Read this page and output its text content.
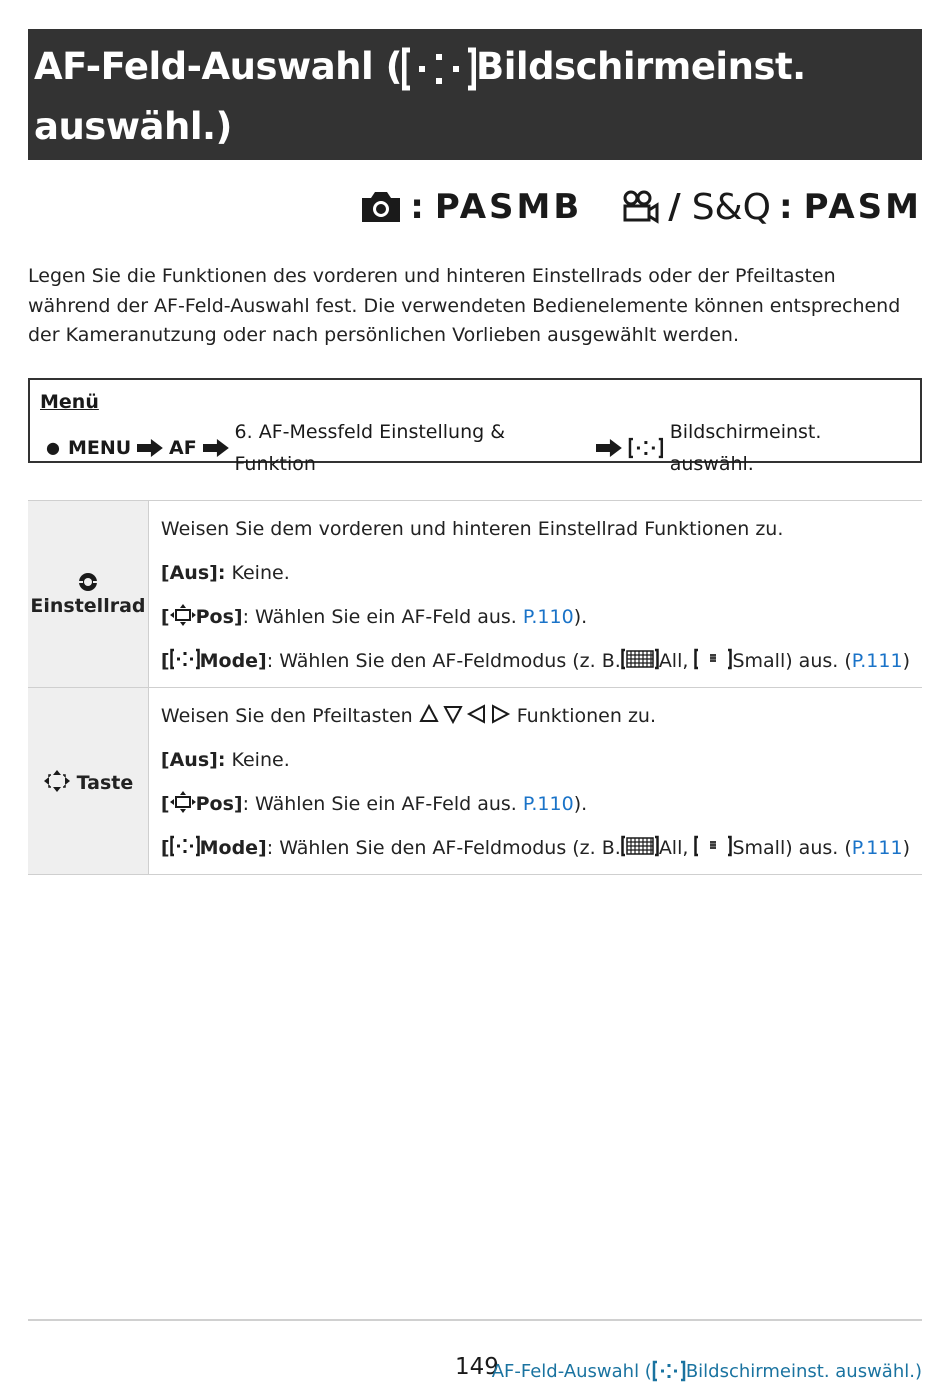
AF-Feld-Auswahl ( Bildschirmeinst.
auswähl.)
: PASMB	/ S&Q : PASM
Legen Sie die Funktionen des vorderen und hinteren Einstellrads oder der Pfeiltasten während der AF-Feld-Auswahl fest. Die verwendeten Bedienelemente können entsprechend der Kameranutzung oder nach persönlichen Vorlieben ausgewählt werden.
Menü
● MENU AF
6. AF-Messfeld Einstellung & Funktion
Bildschirmeinst. auswähl.
Einstellrad	Weisen Sie dem vorderen und hinteren Einstellrad Funktionen zu.

[Aus]: Keine.

[ Pos]: Wählen Sie ein AF-Feld aus. P.110).

[ Mode]: Wählen Sie den AF-Feldmodus (z. B. All, Small) aus. (P.111)

Taste	Weisen Sie den Pfeiltasten Funktionen zu.

[Aus]: Keine.

[ Pos]: Wählen Sie ein AF-Feld aus. P.110).

[ Mode]: Wählen Sie den AF-Feldmodus (z. B. All, Small) aus. (P.111)

149
AF-Feld-Auswahl ( Bildschirmeinst. auswähl.)
